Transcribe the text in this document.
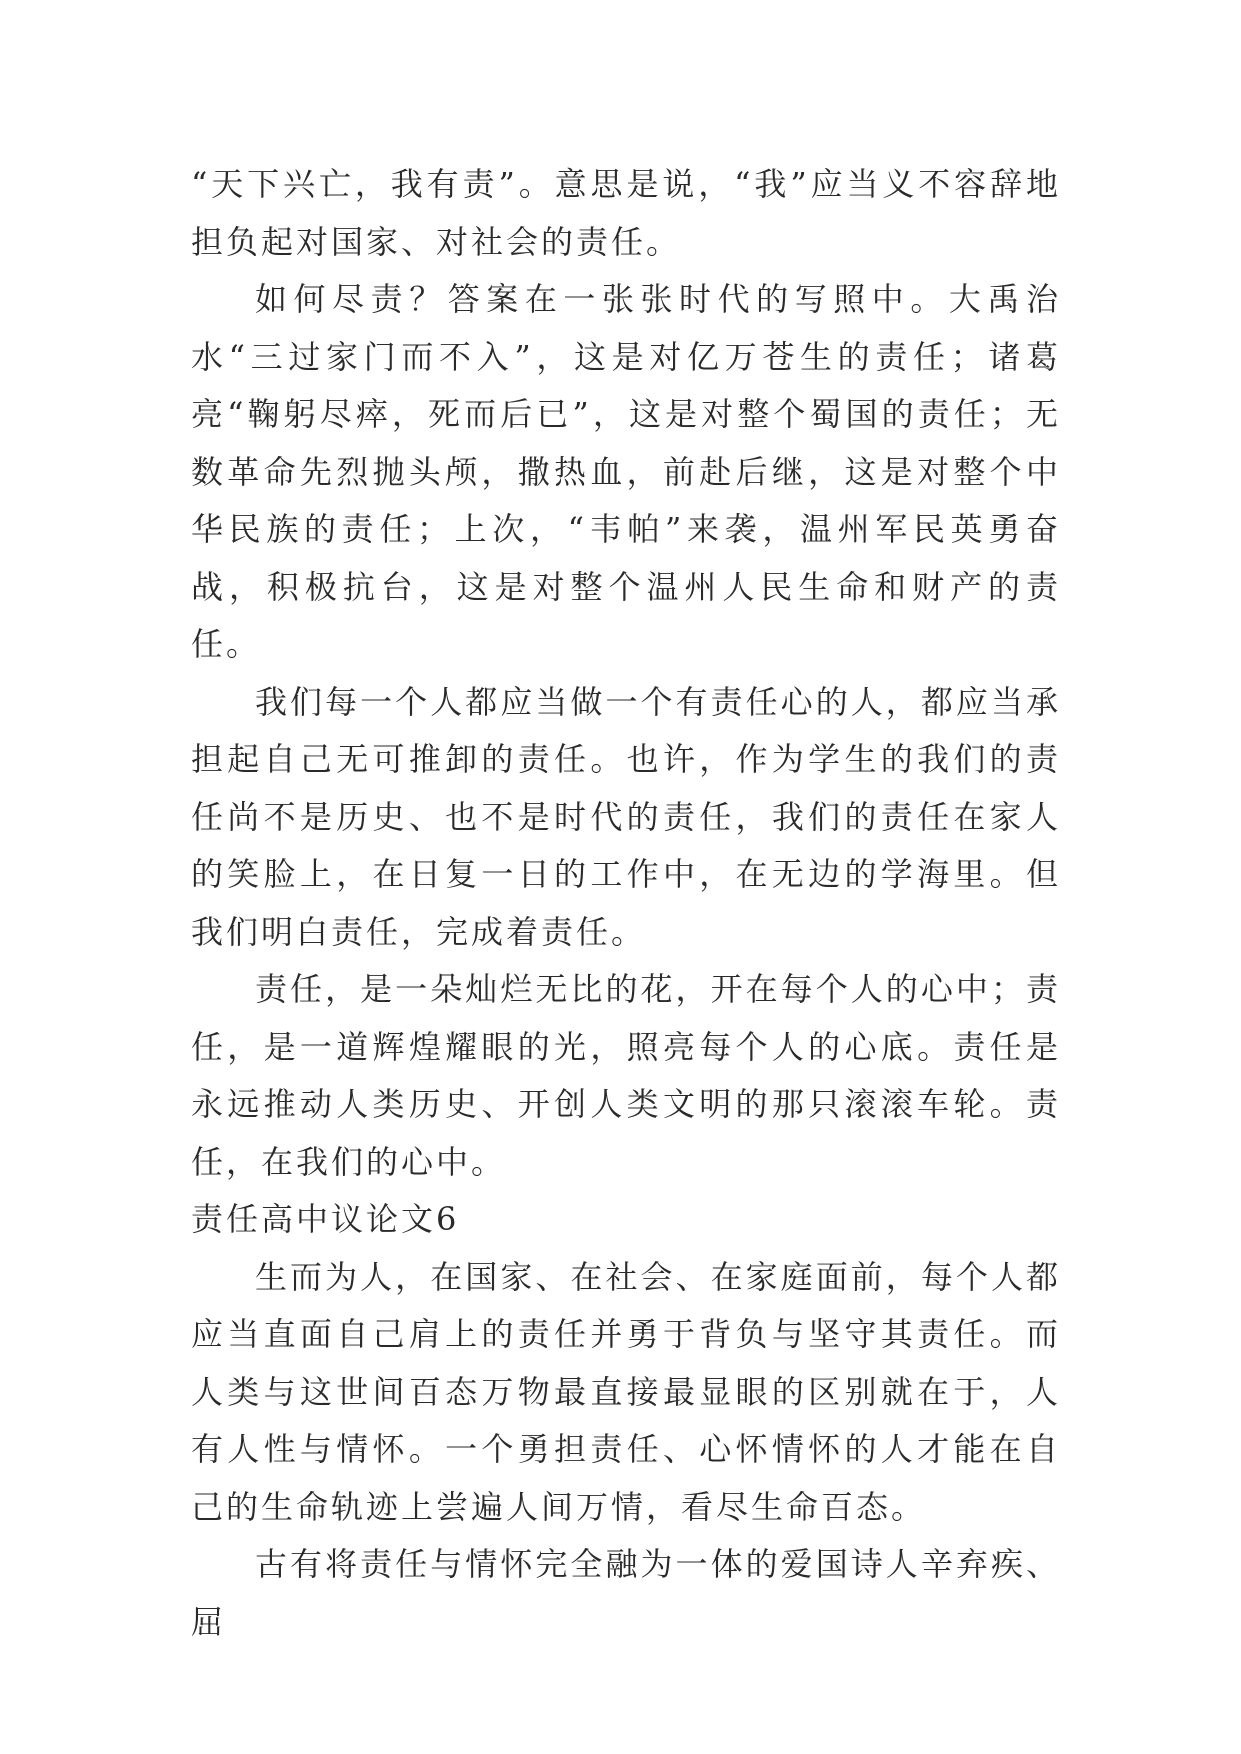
“天下兴亡，我有责”。意思是说，“我”应当义不容辞地担负起对国家、对社会的责任。

如何尽责？答案在一张张时代的写照中。大禹治水“三过家门而不入”，这是对亿万苍生的责任；诸葛亮“鞠躬尽瘁，死而后已”，这是对整个蜀国的责任；无数革命先烈抛头颅，撒热血，前赴后继，这是对整个中华民族的责任；上次，“韦帕”来袭，温州军民英勇奋战，积极抗台，这是对整个温州人民生命和财产的责任。

我们每一个人都应当做一个有责任心的人，都应当承担起自己无可推卸的责任。也许，作为学生的我们的责任尚不是历史、也不是时代的责任，我们的责任在家人的笑脸上，在日复一日的工作中，在无边的学海里。但我们明白责任，完成着责任。

责任，是一朵灿烂无比的花，开在每个人的心中；责任，是一道辉煌耀眼的光，照亮每个人的心底。责任是永远推动人类历史、开创人类文明的那只滚滚车轮。责任，在我们的心中。

责任高中议论文6

生而为人，在国家、在社会、在家庭面前，每个人都应当直面自己肩上的责任并勇于背负与坚守其责任。而人类与这世间百态万物最直接最显眼的区别就在于，人有人性与情怀。一个勇担责任、心怀情怀的人才能在自己的生命轨迹上尝遍人间万情，看尽生命百态。

古有将责任与情怀完全融为一体的爱国诗人辛弃疾、屈
